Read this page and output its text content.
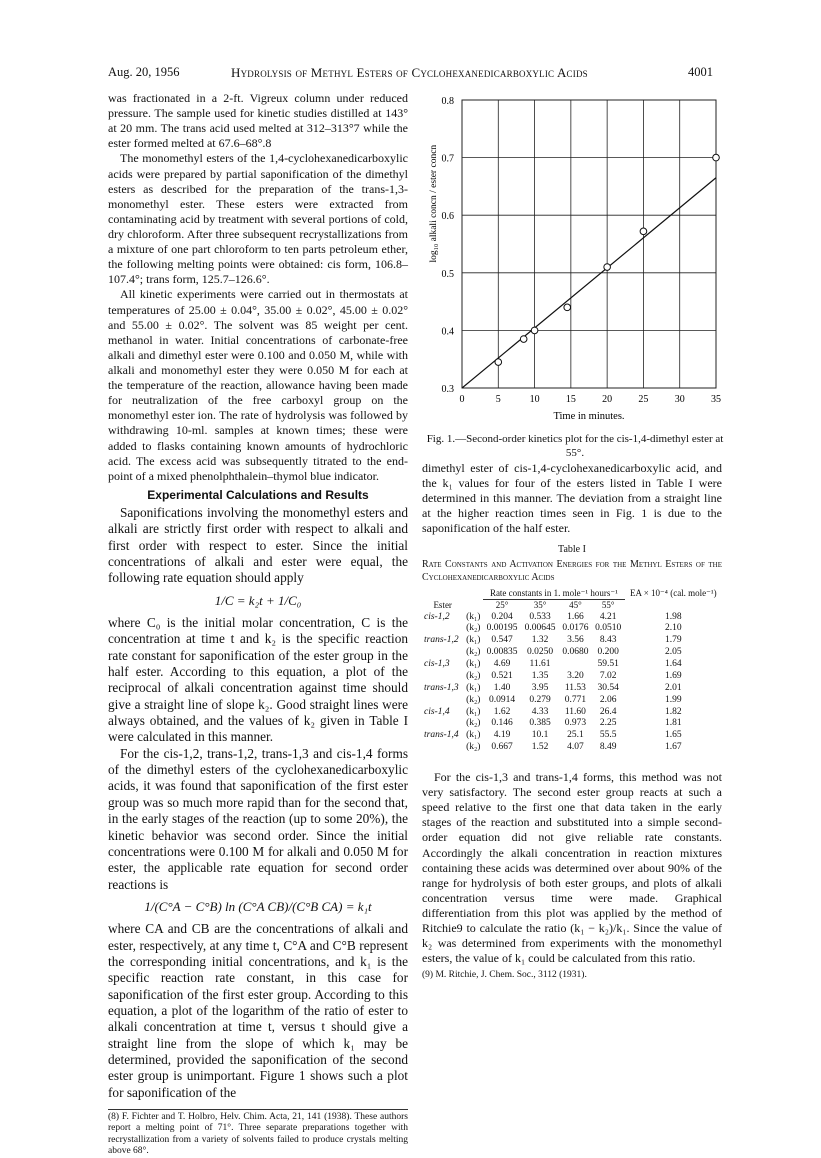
Aug. 20, 1956	Hydrolysis of Methyl Esters of Cyclohexanedicarboxylic Acids	4001

was fractionated in a 2-ft. Vigreux column under reduced pressure. The sample used for kinetic studies distilled at 143° at 20 mm. The trans acid used melted at 312–313°7 while the ester formed melted at 67.6–68°.8

The monomethyl esters of the 1,4-cyclohexanedicarboxylic acids were prepared by partial saponification of the dimethyl esters as described for the preparation of the trans-1,3-monomethyl ester. These esters were extracted from contaminating acid by treatment with several portions of cold, dry chloroform. After three subsequent recrystallizations from a mixture of one part chloroform to ten parts petroleum ether, the following melting points were obtained: cis form, 106.8–107.4°; trans form, 125.7–126.6°.

All kinetic experiments were carried out in thermostats at temperatures of 25.00 ± 0.04°, 35.00 ± 0.02°, 45.00 ± 0.02° and 55.00 ± 0.02°. The solvent was 85 weight per cent. methanol in water. Initial concentrations of carbonate-free alkali and dimethyl ester were 0.100 and 0.050 M, while with alkali and monomethyl ester they were 0.050 M for each at the temperature of the reaction, allowance having been made for neutralization of the free carboxyl group on the monomethyl ester ion. The rate of hydrolysis was followed by withdrawing 10-ml. samples at known times; these were added to flasks containing known amounts of hydrochloric acid. The excess acid was subsequently titrated to the end-point of a mixed phenolphthalein–thymol blue indicator.

Experimental Calculations and Results

Saponifications involving the monomethyl esters and alkali are strictly first order with respect to alkali and first order with respect to ester. Since the initial concentrations of alkali and ester were equal, the following rate equation should apply

1/C = k₂t + 1/C₀

where C₀ is the initial molar concentration, C is the concentration at time t and k₂ is the specific reaction rate constant for saponification of the ester group in the half ester. According to this equation, a plot of the reciprocal of alkali concentration against time should give a straight line of slope k₂. Good straight lines were always obtained, and the values of k₂ given in Table I were calculated in this manner.

For the cis-1,2, trans-1,2, trans-1,3 and cis-1,4 forms of the dimethyl esters of the cyclohexanedicarboxylic acids, it was found that saponification of the first ester group was so much more rapid than for the second that, in the early stages of the reaction (up to some 20%), the kinetic behavior was second order. Since the initial concentrations were 0.100 M for alkali and 0.050 M for ester, the applicable rate equation for second order reactions is

1/(C°A − C°B) ln (C°A CB)/(C°B CA) = k₁t

where CA and CB are the concentrations of alkali and ester, respectively, at any time t, C°A and C°B represent the corresponding initial concentrations, and k₁ is the specific reaction rate constant, in this case for saponification of the first ester group. According to this equation, a plot of the logarithm of the ratio of ester to alkali concentration at time t, versus t should give a straight line from the slope of which k₁ may be determined, provided the saponification of the second ester group is unimportant. Figure 1 shows such a plot for saponification of the

(8) F. Fichter and T. Holbro, Helv. Chim. Acta, 21, 141 (1938). These authors report a melting point of 71°. Three separate preparations together with recrystallization from a variety of solvents failed to produce crystals melting above 68°.
0.3
0.4
0.5
0.6
0.7
0.8
0	5	10	15	20	25	30	35
Time in minutes.
log₁₀ alkali concn / ester concn
Fig. 1.—Second-order kinetics plot for the cis-1,4-dimethyl ester at 55°.

dimethyl ester of cis-1,4-cyclohexanedicarboxylic acid, and the k₁ values for four of the esters listed in Table I were determined in this manner. The deviation from a straight line at the higher reaction times seen in Fig. 1 is due to the saponification of the half ester.

Table I
Rate Constants and Activation Energies for the Methyl Esters of the Cyclohexanedicarboxylic Acids
		Rate constants in 1. mole⁻¹ hours⁻¹				EA × 10⁻⁴ (cal. mole⁻¹)
Ester		25°	35°	45°	55°	
cis-1,2	(k₁)	0.204	0.533	1.66	4.21	1.98
	(k₂)	0.00195	0.00645	0.0176	0.0510	2.10
trans-1,2	(k₁)	0.547	1.32	3.56	8.43	1.79
	(k₂)	0.00835	0.0250	0.0680	0.200	2.05
cis-1,3	(k₁)	4.69	11.61		59.51	1.64
	(k₂)	0.521	1.35	3.20	7.02	1.69
trans-1,3	(k₁)	1.40	3.95	11.53	30.54	2.01
	(k₂)	0.0914	0.279	0.771	2.06	1.99
cis-1,4	(k₁)	1.62	4.33	11.60	26.4	1.82
	(k₂)	0.146	0.385	0.973	2.25	1.81
trans-1,4	(k₁)	4.19	10.1	25.1	55.5	1.65
	(k₂)	0.667	1.52	4.07	8.49	1.67

For the cis-1,3 and trans-1,4 forms, this method was not very satisfactory. The second ester group reacts at such a speed relative to the first one that data taken in the early stages of the reaction and substituted into a simple second-order equation did not give reliable rate constants. Accordingly the alkali concentration in reaction mixtures containing these acids was determined over about 90% of the range for hydrolysis of both ester groups, and plots of alkali concentration versus time were made. Graphical differentiation from this plot was applied by the method of Ritchie9 to calculate the ratio (k₁ − k₂)/k₁. Since the value of k₂ was determined from experiments with the monomethyl esters, the value of k₁ could be calculated from this ratio.

(9) M. Ritchie, J. Chem. Soc., 3112 (1931).
